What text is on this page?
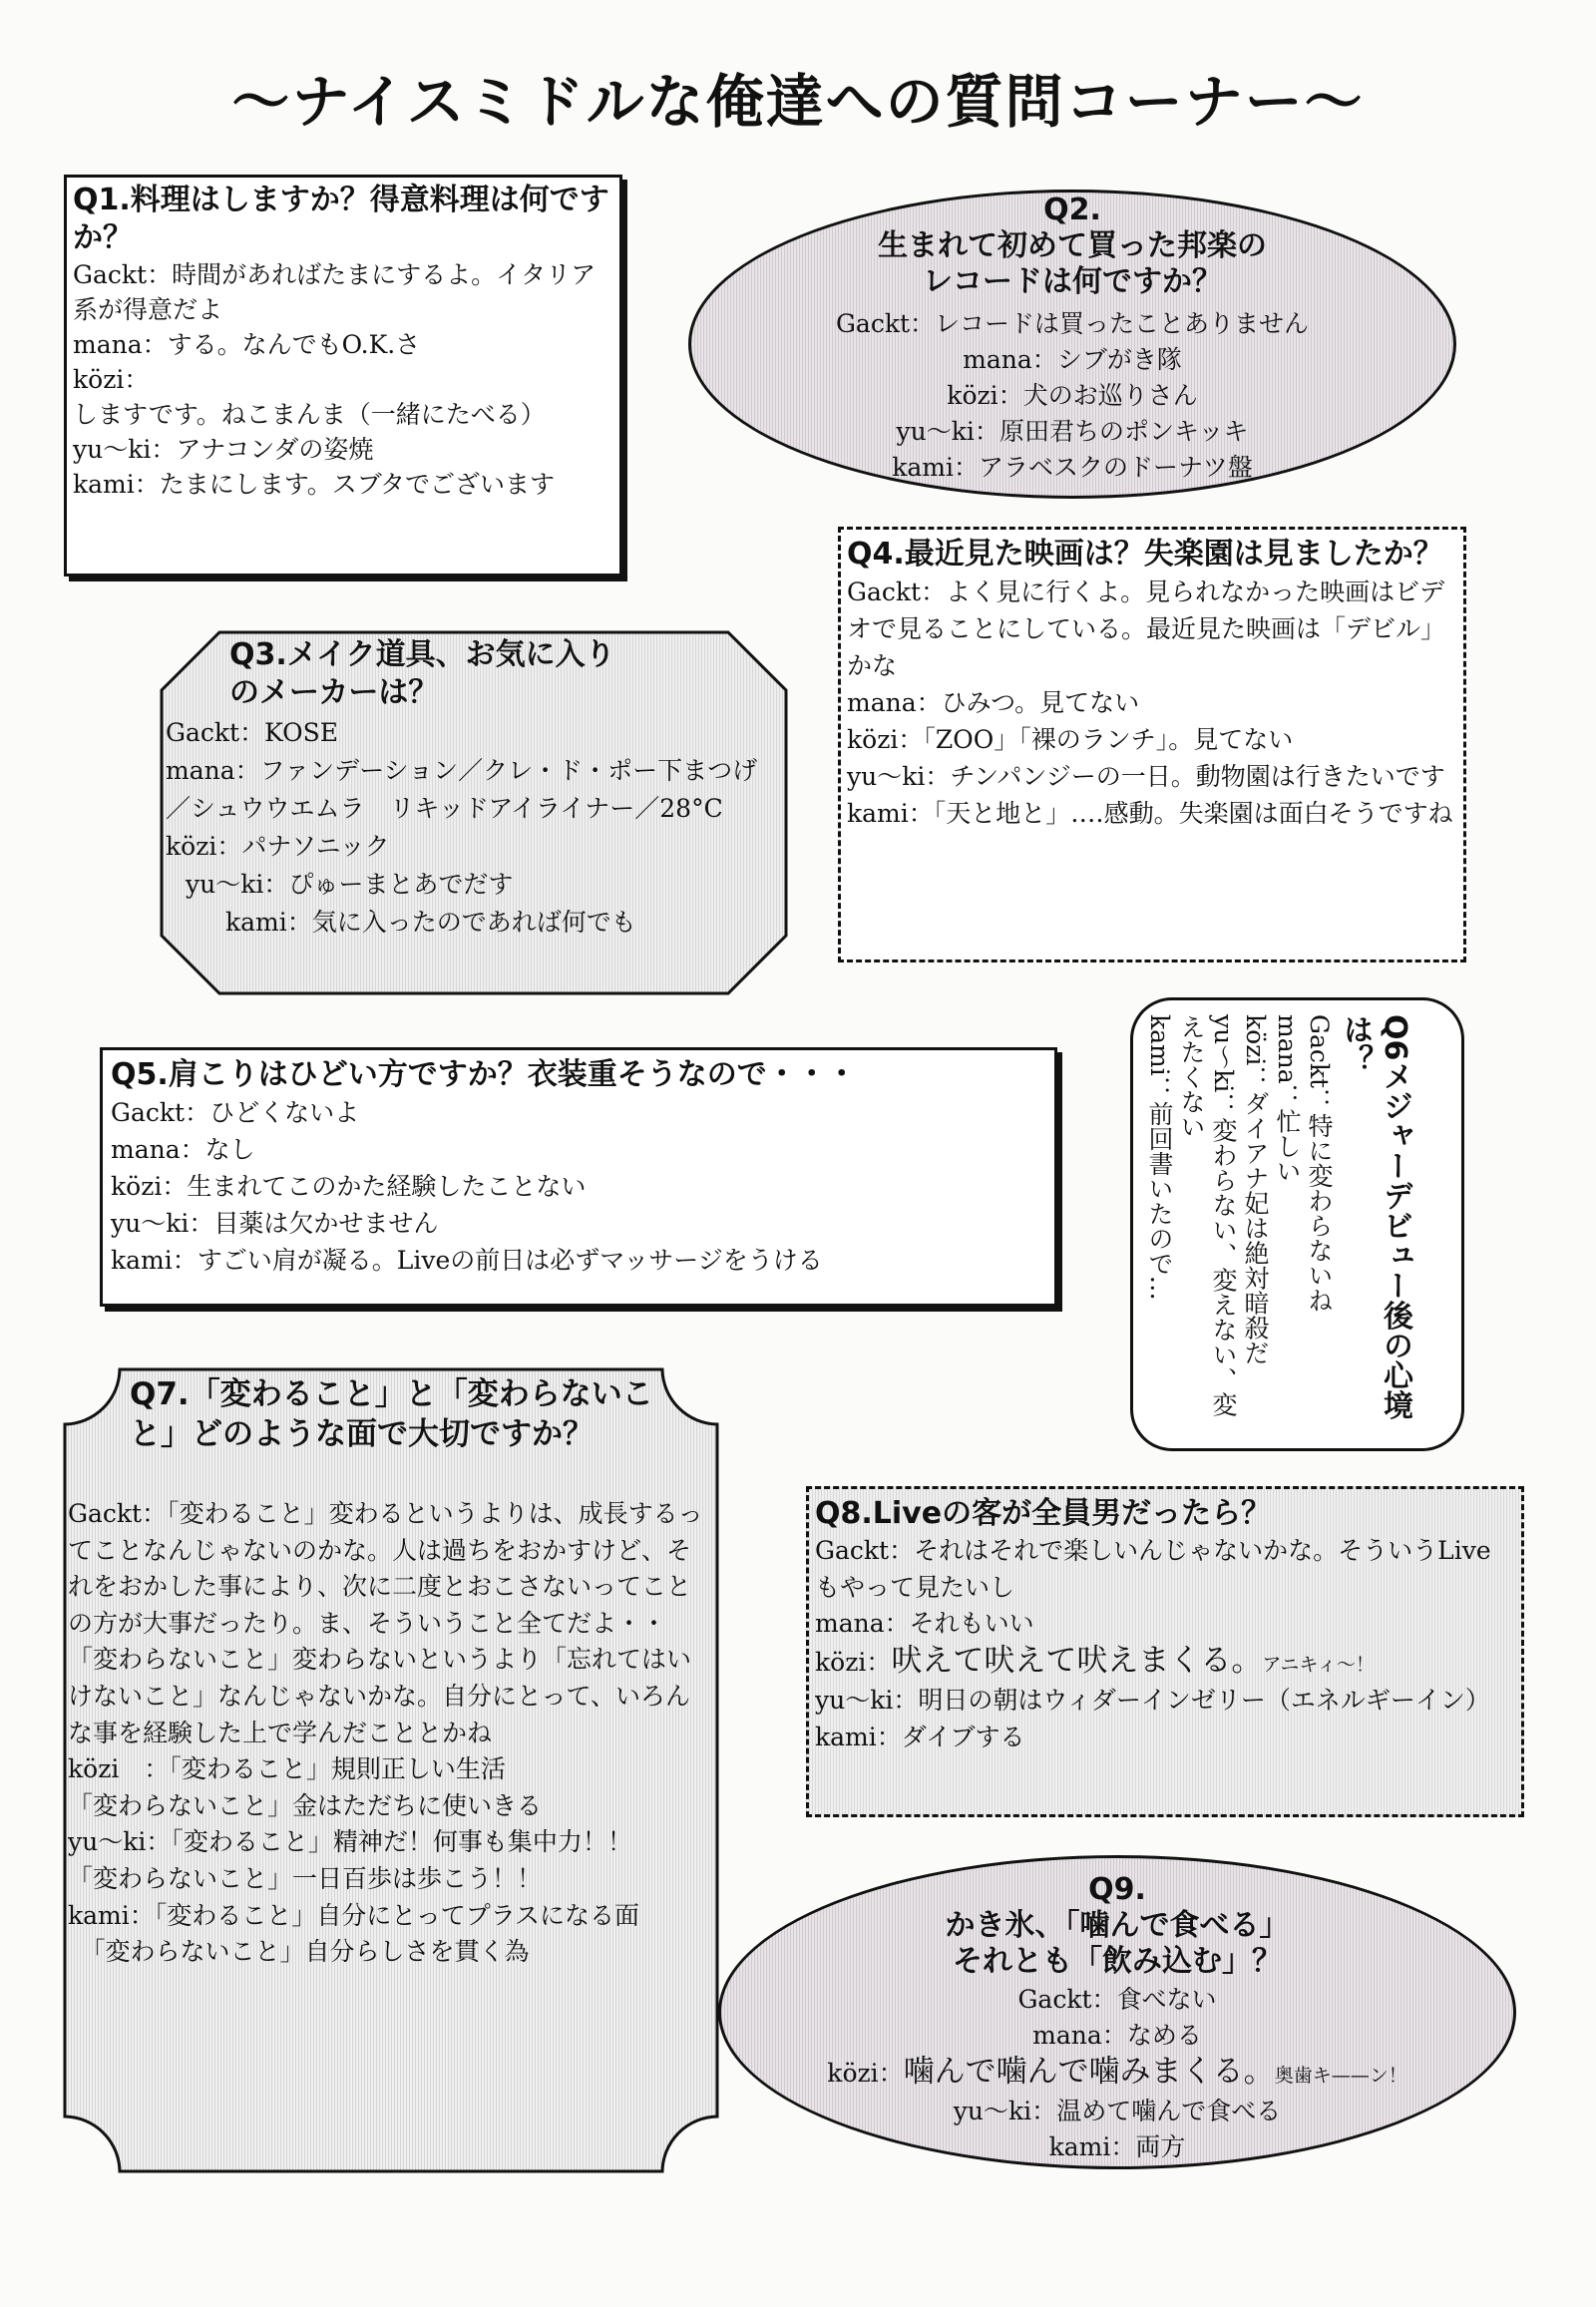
〜ナイスミドルな俺達への質問コーナー〜
Q1.料理はしますか？得意料理は何ですか？
Gackt：時間があればたまにするよ。イタリア系が得意だよ
mana：する。なんでもO.K.さ
közi：しますです。ねこまんま（一緒にたべる）
yu〜ki：アナコンダの姿焼
kami：たまにします。スブタでございます
Q2.
生まれて初めて買った邦楽の
レコードは何ですか？
Gackt：レコードは買ったことありません
mana：シブがき隊
közi：犬のお巡りさん
yu〜ki：原田君ちのポンキッキ
kami：アラベスクのドーナツ盤
Q4.最近見た映画は？失楽園は見ましたか？
Gackt：よく見に行くよ。見られなかった映画はビデオで見ることにしている。最近見た映画は「デビル」かな
mana：ひみつ。見てない
közi：「ZOO」「裸のランチ」。見てない
yu〜ki：チンパンジーの一日。動物園は行きたいです
kami：「天と地と」‥‥感動。失楽園は面白そうですね
Q3.メイク道具、お気に入り
のメーカーは？
Gackt：KOSE
mana：ファンデーション／クレ・ド・ポー下まつげ／シュウウエムラ　リキッドアイライナー／28°C
közi：パナソニック
yu〜ki：ぴゅーまとあでだす
kami：気に入ったのであれば何でも
Q5.肩こりはひどい方ですか？衣装重そうなので・・・
Gackt：ひどくないよ
mana：なし
közi：生まれてこのかた経験したことない
yu〜ki：目薬は欠かせません
kami：すごい肩が凝る。Liveの前日は必ずマッサージをうける	Q6メジャーデビュー後の心境は？
Gackt：特に変わらないね
mana：忙しい
közi：ダイアナ妃は絶対暗殺だ
yu〜ki：変わらない、変えない、変えたくない
kami：前回書いたので…
Q7.「変わること」と「変わらないこと」どのような面で大切ですか？
Gackt：「変わること」変わるというよりは、成長するってことなんじゃないのかな。人は過ちをおかすけど、それをおかした事により、次に二度とおこさないってことの方が大事だったり。ま、そういうこと全てだよ・・
「変わらないこと」変わらないというより「忘れてはいけないこと」なんじゃないかな。自分にとって、いろんな事を経験した上で学んだこととかね
közi　：「変わること」規則正しい生活
「変わらないこと」金はただちに使いきる
yu〜ki：「変わること」精神だ！何事も集中力！！
「変わらないこと」一日百歩は歩こう！！
kami：「変わること」自分にとってプラスになる面
　「変わらないこと」自分らしさを貫く為
Q8.Liveの客が全員男だったら？
Gackt：それはそれで楽しいんじゃないかな。そういうLiveもやって見たいし
mana：それもいい
közi：吠えて吠えて吠えまくる。アニキィ〜！
yu〜ki：明日の朝はウィダーインゼリー（エネルギーイン）
kami：ダイブする
Q9.
かき氷、「噛んで食べる」
それとも「飲み込む」？
Gackt：食べない
mana：なめる
közi：噛んで噛んで噛みまくる。奥歯キ——ン！
yu〜ki：温めて噛んで食べる
kami：両方
